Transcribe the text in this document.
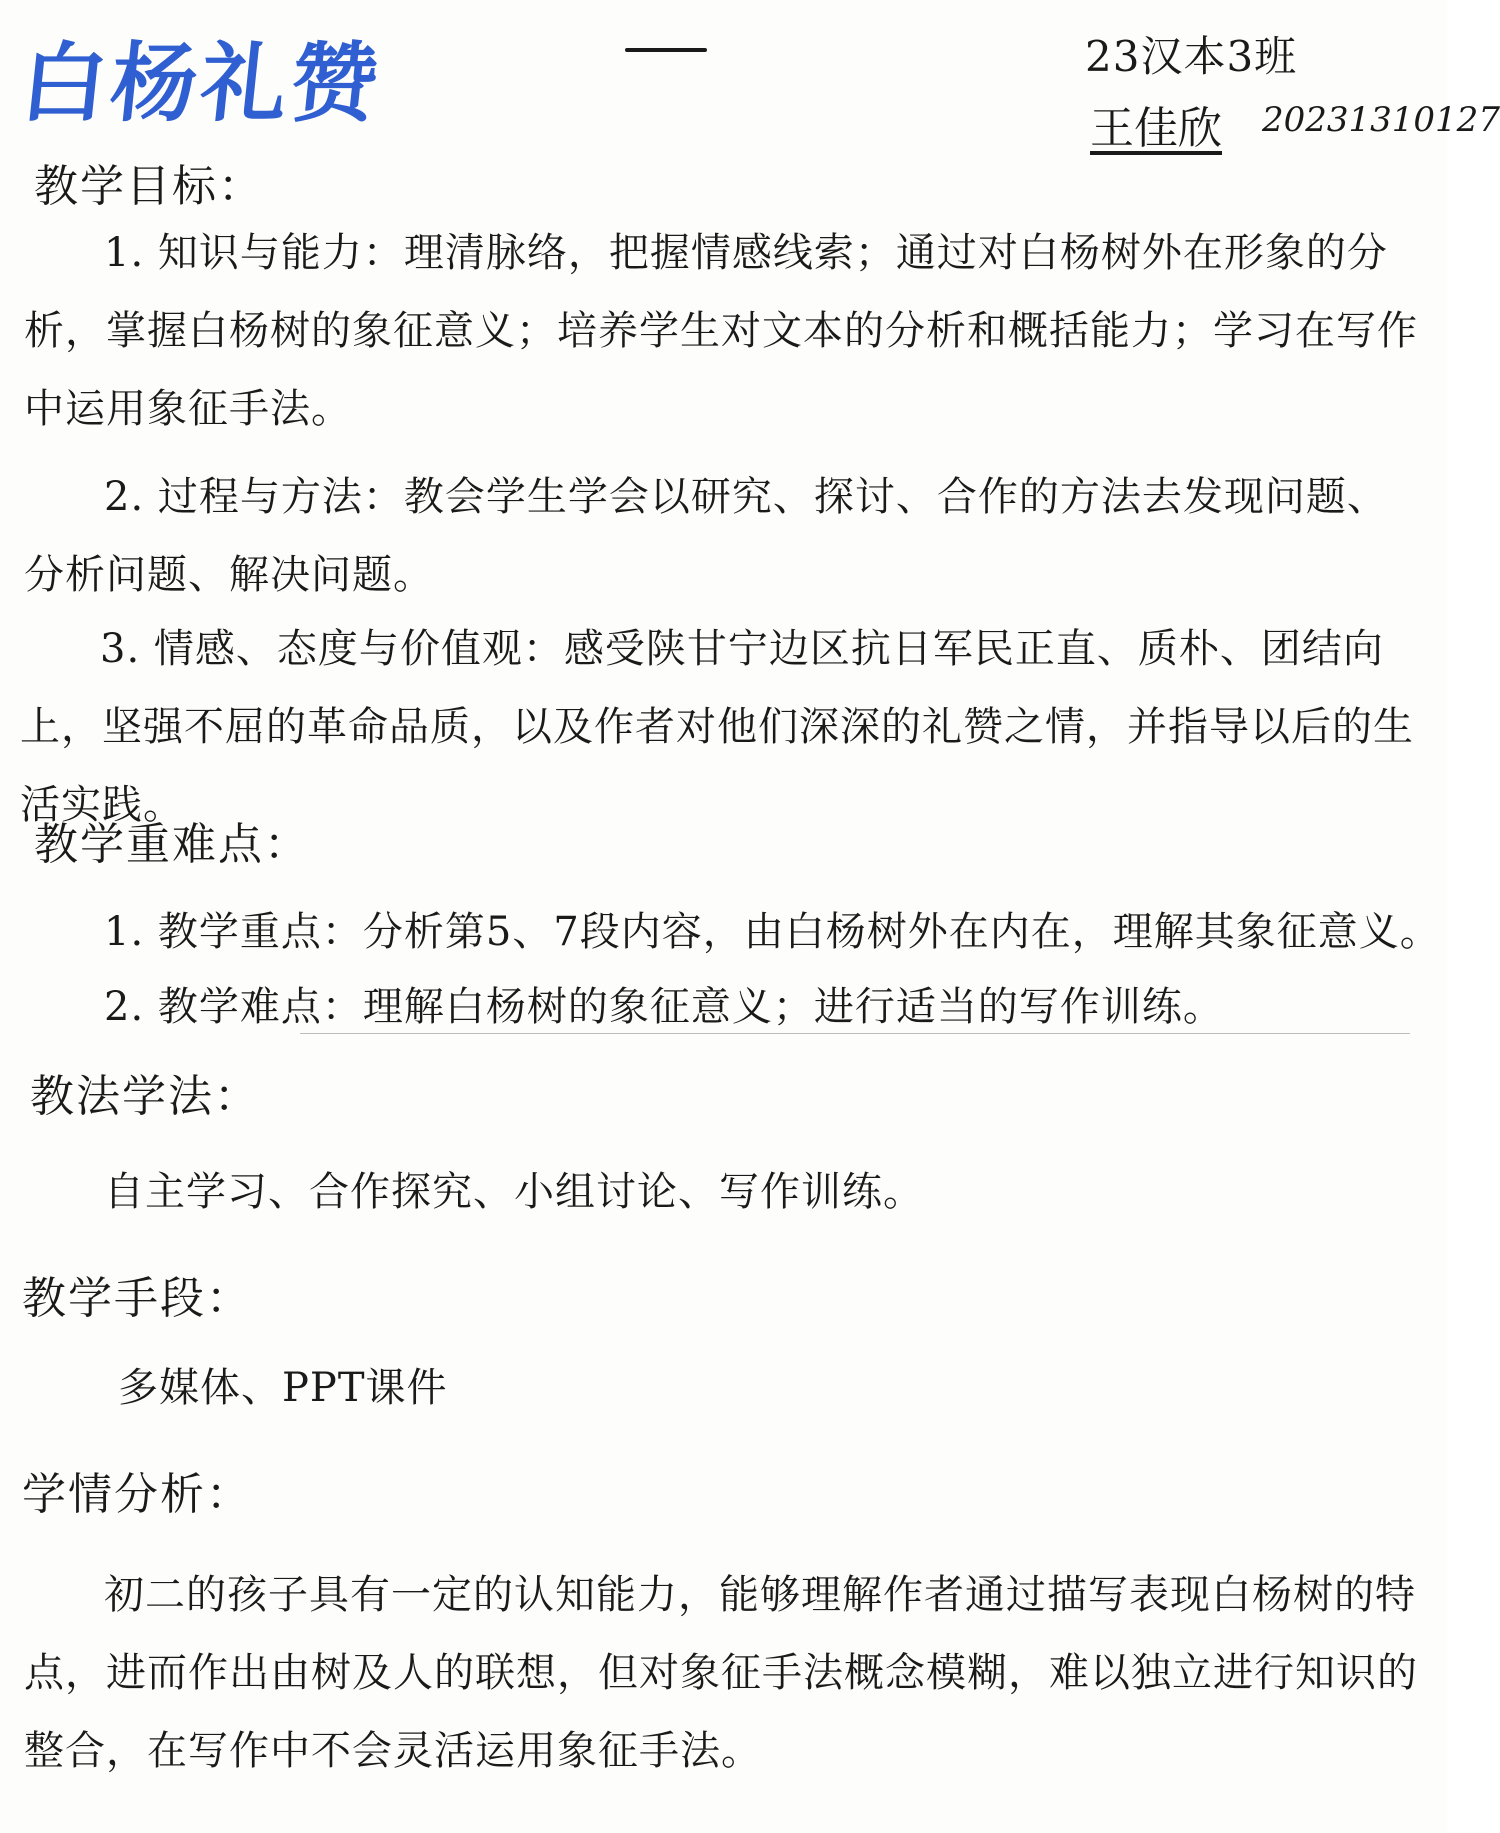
白杨礼赞	23汉本3班
王佳欣 20231310127
教学目标：
1. 知识与能力：理清脉络，把握情感线索；通过对白杨树外在形象的分析，掌握白杨树的象征意义；培养学生对文本的分析和概括能力；学习在写作中运用象征手法。
2. 过程与方法：教会学生学会以研究、探讨、合作的方法去发现问题、分析问题、解决问题。
3. 情感、态度与价值观：感受陕甘宁边区抗日军民正直、质朴、团结向上，坚强不屈的革命品质，以及作者对他们深深的礼赞之情，并指导以后的生活实践。
教学重难点：
1. 教学重点：分析第5、7段内容，由白杨树外在内在，理解其象征意义。
2. 教学难点：理解白杨树的象征意义；进行适当的写作训练。
教法学法：
自主学习、合作探究、小组讨论、写作训练。
教学手段：
多媒体、PPT课件
学情分析：
初二的孩子具有一定的认知能力，能够理解作者通过描写表现白杨树的特点，进而作出由树及人的联想，但对象征手法概念模糊，难以独立进行知识的整合，在写作中不会灵活运用象征手法。
